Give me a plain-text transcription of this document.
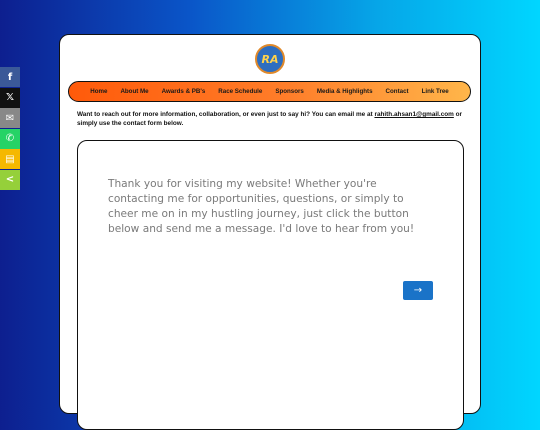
f
𝕏
✉
✆
▤
<
RA
Home About Me Awards & PB's Race Schedule Sponsors Media & Highlights Contact Link Tree

Want to reach out for more information, collaboration, or even just to say hi? You can email me at rahith.ahsan1@gmail.com or simply use the contact form below.

Thank you for visiting my website! Whether you're contacting me for opportunities, questions, or simply to cheer me on in my hustling journey, just click the button below and send me a message. I'd love to hear from you!
→
